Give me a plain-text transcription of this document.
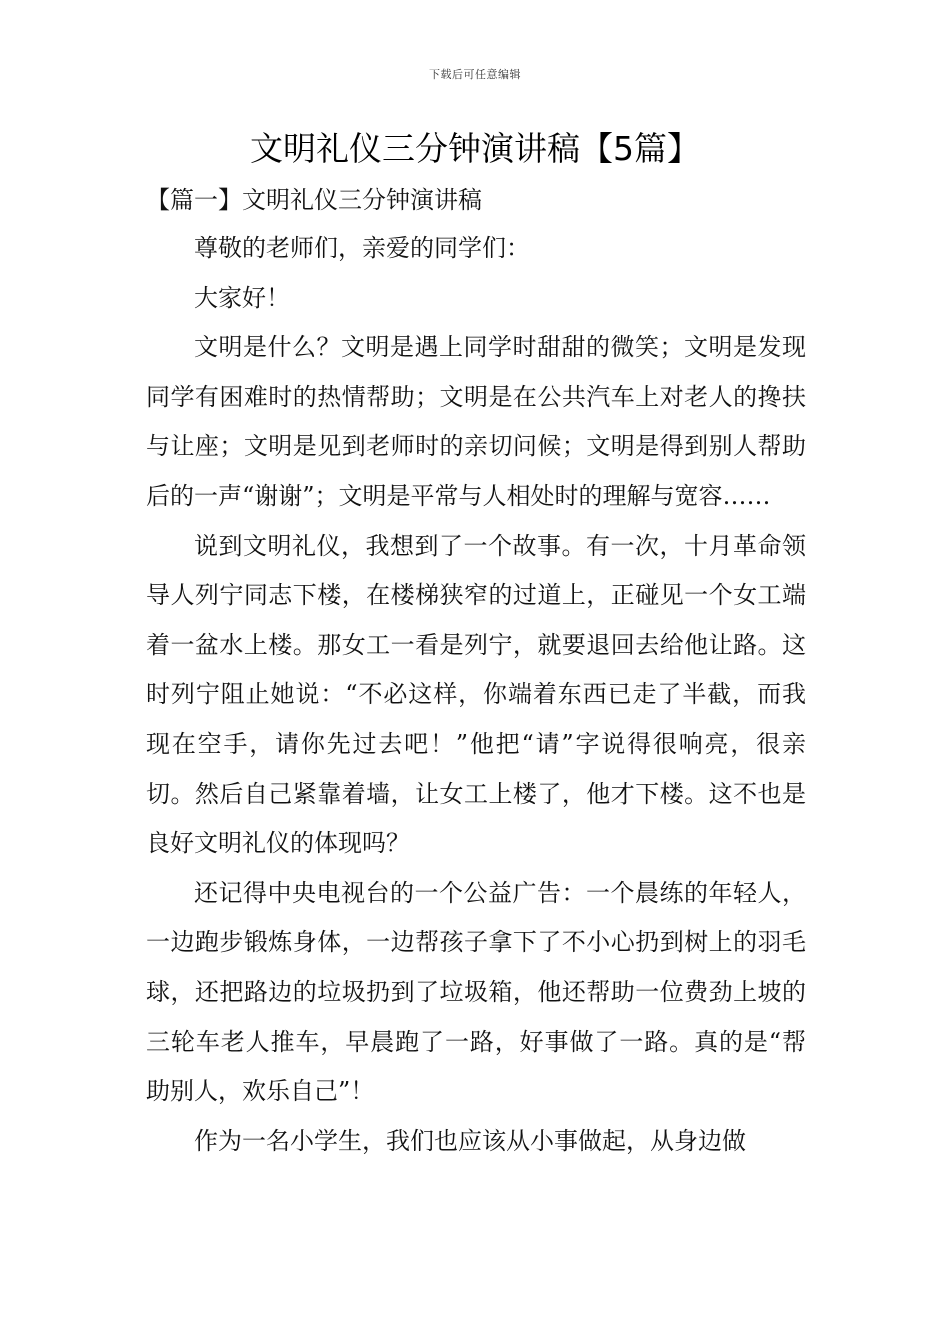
下载后可任意编辑
文明礼仪三分钟演讲稿【5篇】
【篇一】文明礼仪三分钟演讲稿

尊敬的老师们，亲爱的同学们：

大家好！

文明是什么？文明是遇上同学时甜甜的微笑；文明是发现同学有困难时的热情帮助；文明是在公共汽车上对老人的搀扶与让座；文明是见到老师时的亲切问候；文明是得到别人帮助后的一声“谢谢”；文明是平常与人相处时的理解与宽容……

说到文明礼仪，我想到了一个故事。有一次，十月革命领导人列宁同志下楼，在楼梯狭窄的过道上，正碰见一个女工端着一盆水上楼。那女工一看是列宁，就要退回去给他让路。这时列宁阻止她说：“不必这样，你端着东西已走了半截，而我现在空手，请你先过去吧！”他把“请”字说得很响亮，很亲切。然后自己紧靠着墙，让女工上楼了，他才下楼。这不也是良好文明礼仪的体现吗？

还记得中央电视台的一个公益广告：一个晨练的年轻人，一边跑步锻炼身体，一边帮孩子拿下了不小心扔到树上的羽毛球，还把路边的垃圾扔到了垃圾箱，他还帮助一位费劲上坡的三轮车老人推车，早晨跑了一路，好事做了一路。真的是“帮助别人，欢乐自己”！

作为一名小学生，我们也应该从小事做起，从身边做
